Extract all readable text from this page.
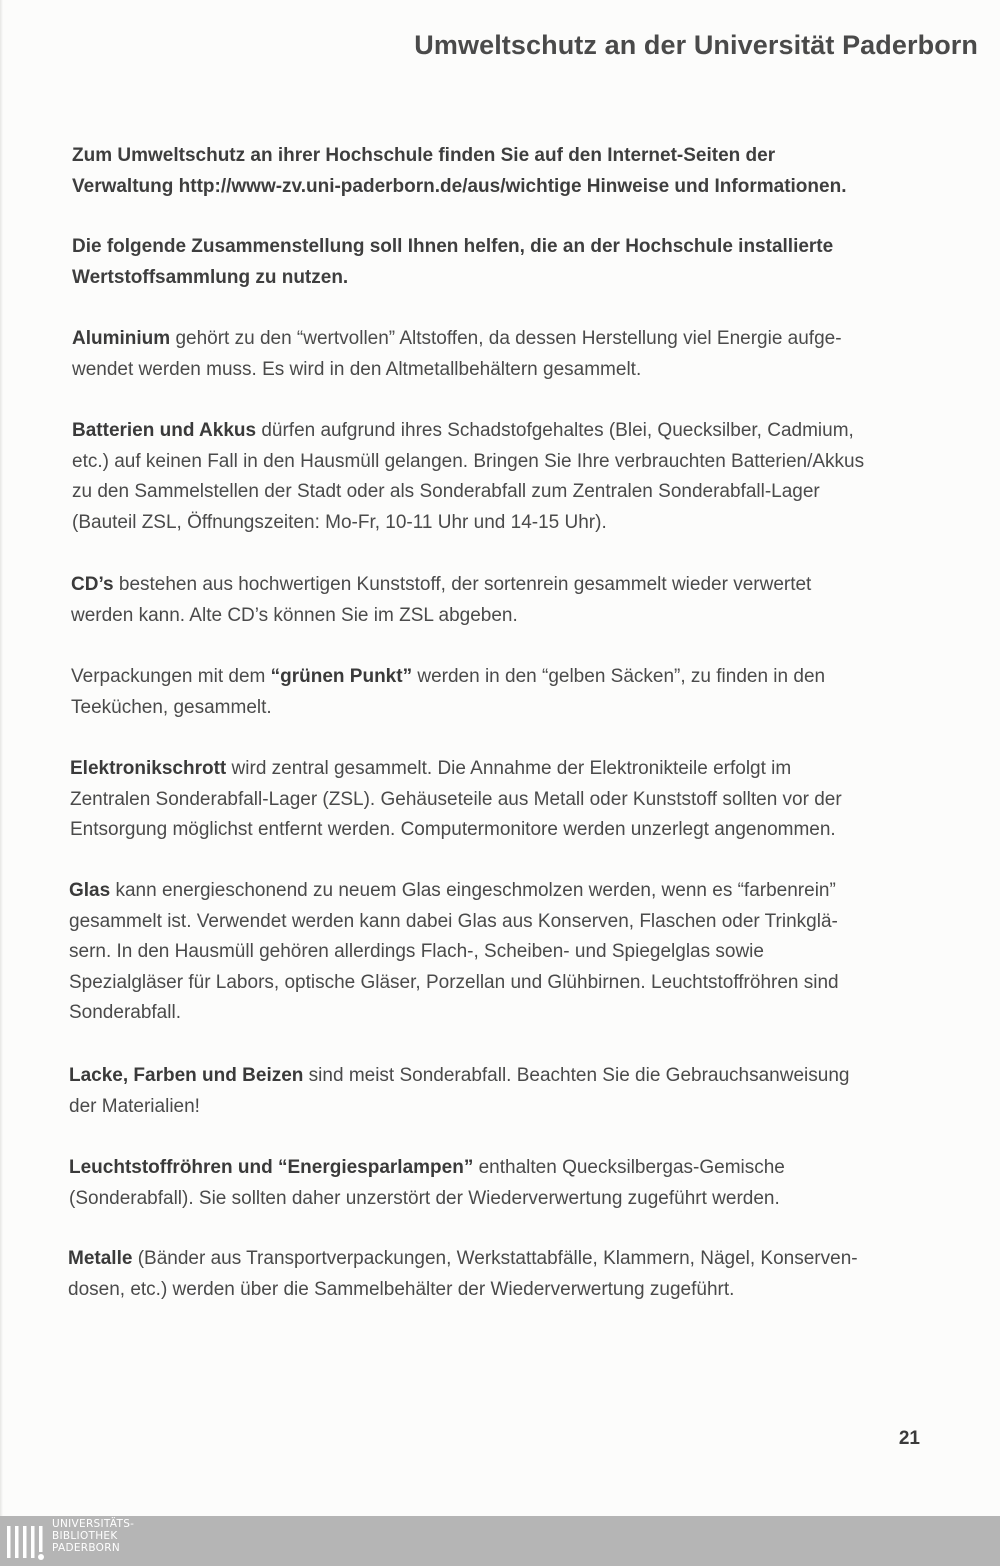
Umweltschutz an der Universität Paderborn

Zum Umweltschutz an ihrer Hochschule finden Sie auf den Internet-Seiten der
Verwaltung http://www-zv.uni-paderborn.de/aus/wichtige Hinweise und Informationen.

Die folgende Zusammenstellung soll Ihnen helfen, die an der Hochschule installierte
Wertstoffsammlung zu nutzen.

Aluminium gehört zu den “wertvollen” Altstoffen, da dessen Herstellung viel Energie aufge-
wendet werden muss. Es wird in den Altmetallbehältern gesammelt.

Batterien und Akkus dürfen aufgrund ihres Schadstofgehaltes (Blei, Quecksilber, Cadmium,
etc.) auf keinen Fall in den Hausmüll gelangen. Bringen Sie Ihre verbrauchten Batterien/Akkus
zu den Sammelstellen der Stadt oder als Sonderabfall zum Zentralen Sonderabfall-Lager
(Bauteil ZSL, Öffnungszeiten: Mo-Fr, 10-11 Uhr und 14-15 Uhr).

CD’s bestehen aus hochwertigen Kunststoff, der sortenrein gesammelt wieder verwertet
werden kann. Alte CD’s können Sie im ZSL abgeben.

Verpackungen mit dem “grünen Punkt” werden in den “gelben Säcken”, zu finden in den
Teeküchen, gesammelt.

Elektronikschrott wird zentral gesammelt. Die Annahme der Elektronikteile erfolgt im
Zentralen Sonderabfall-Lager (ZSL). Gehäuseteile aus Metall oder Kunststoff sollten vor der
Entsorgung möglichst entfernt werden. Computermonitore werden unzerlegt angenommen.

Glas kann energieschonend zu neuem Glas eingeschmolzen werden, wenn es “farbenrein”
gesammelt ist. Verwendet werden kann dabei Glas aus Konserven, Flaschen oder Trinkglä-
sern. In den Hausmüll gehören allerdings Flach-, Scheiben- und Spiegelglas sowie
Spezialgläser für Labors, optische Gläser, Porzellan und Glühbirnen. Leuchtstoffröhren sind
Sonderabfall.

Lacke, Farben und Beizen sind meist Sonderabfall. Beachten Sie die Gebrauchsanweisung
der Materialien!

Leuchtstoffröhren und “Energiesparlampen” enthalten Quecksilbergas-Gemische
(Sonderabfall). Sie sollten daher unzerstört der Wiederverwertung zugeführt werden.

Metalle (Bänder aus Transportverpackungen, Werkstattabfälle, Klammern, Nägel, Konserven-
dosen, etc.) werden über die Sammelbehälter der Wiederverwertung zugeführt.

21

UNIVERSITÄTS-
BIBLIOTHEK
PADERBORN
